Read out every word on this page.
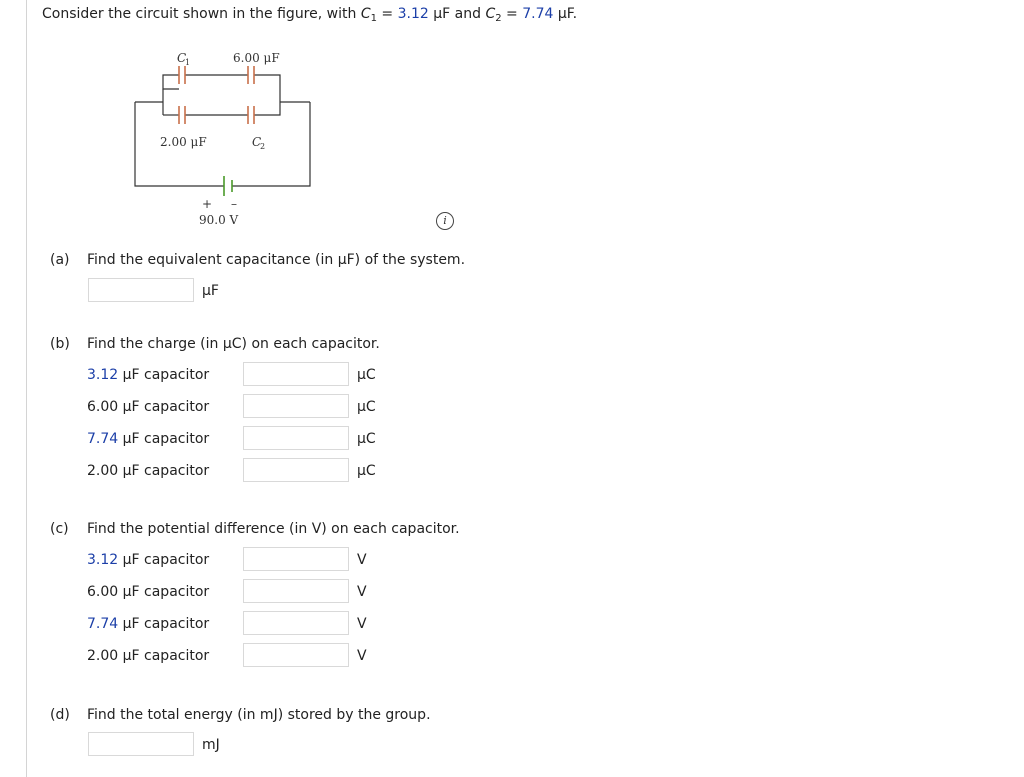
Consider the circuit shown in the figure, with $C_1 = 3.12$ μF and $C_2 = 7.74$ μF.
C
1	6.00 μF
2.00 μF	C
2
+ –
90.0 V	i
(a) Find the equivalent capacitance (in μF) of the system.
μF
(b) Find the charge (in μC) on each capacitor.
3.12 μF capacitor	μC
6.00 μF capacitor	μC
7.74 μF capacitor	μC
2.00 μF capacitor	μC
(c) Find the potential difference (in V) on each capacitor.
3.12 μF capacitor	V
6.00 μF capacitor	V
7.74 μF capacitor	V
2.00 μF capacitor	V
(d) Find the total energy (in mJ) stored by the group.
mJ
